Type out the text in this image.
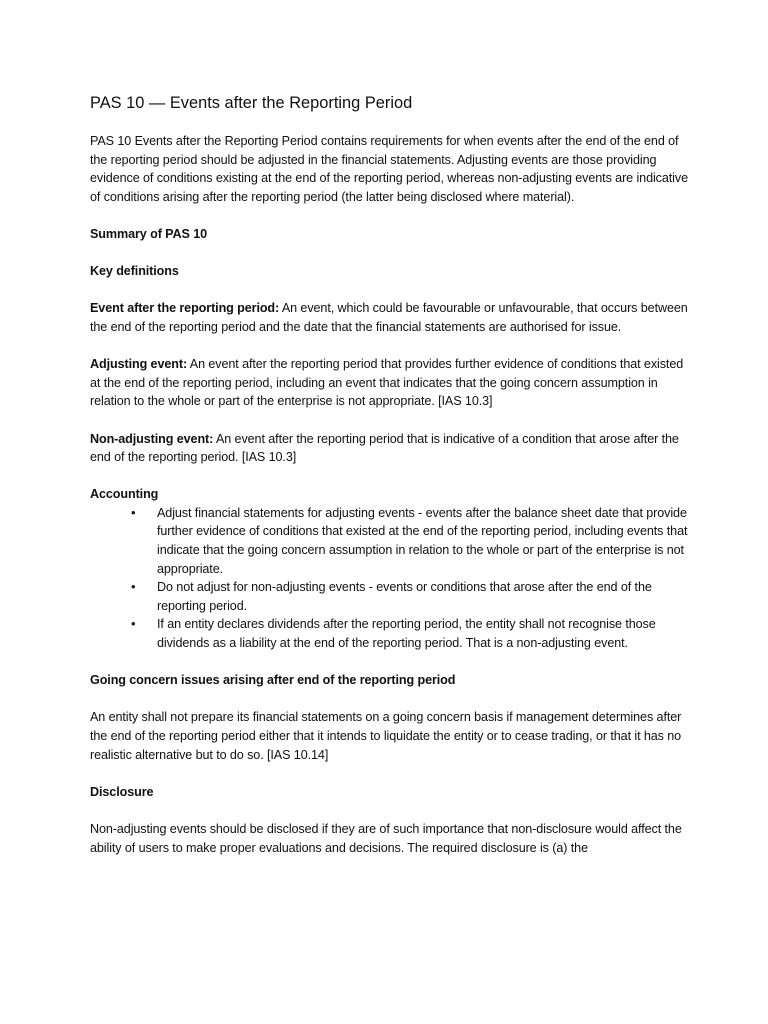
PAS 10 — Events after the Reporting Period

PAS 10 Events after the Reporting Period contains requirements for when events after the end of the end of the reporting period should be adjusted in the financial statements. Adjusting events are those providing evidence of conditions existing at the end of the reporting period, whereas non-adjusting events are indicative of conditions arising after the reporting period (the latter being disclosed where material).

Summary of PAS 10

Key definitions

Event after the reporting period: An event, which could be favourable or unfavourable, that occurs between the end of the reporting period and the date that the financial statements are authorised for issue.

Adjusting event: An event after the reporting period that provides further evidence of conditions that existed at the end of the reporting period, including an event that indicates that the going concern assumption in relation to the whole or part of the enterprise is not appropriate. [IAS 10.3]

Non-adjusting event: An event after the reporting period that is indicative of a condition that arose after the end of the reporting period. [IAS 10.3]

Accounting

• Adjust financial statements for adjusting events - events after the balance sheet date that provide further evidence of conditions that existed at the end of the reporting period, including events that indicate that the going concern assumption in relation to the whole or part of the enterprise is not appropriate.
• Do not adjust for non-adjusting events - events or conditions that arose after the end of the reporting period.
• If an entity declares dividends after the reporting period, the entity shall not recognise those dividends as a liability at the end of the reporting period. That is a non-adjusting event.

Going concern issues arising after end of the reporting period

An entity shall not prepare its financial statements on a going concern basis if management determines after the end of the reporting period either that it intends to liquidate the entity or to cease trading, or that it has no realistic alternative but to do so. [IAS 10.14]

Disclosure

Non-adjusting events should be disclosed if they are of such importance that non-disclosure would affect the ability of users to make proper evaluations and decisions. The required disclosure is (a) the
